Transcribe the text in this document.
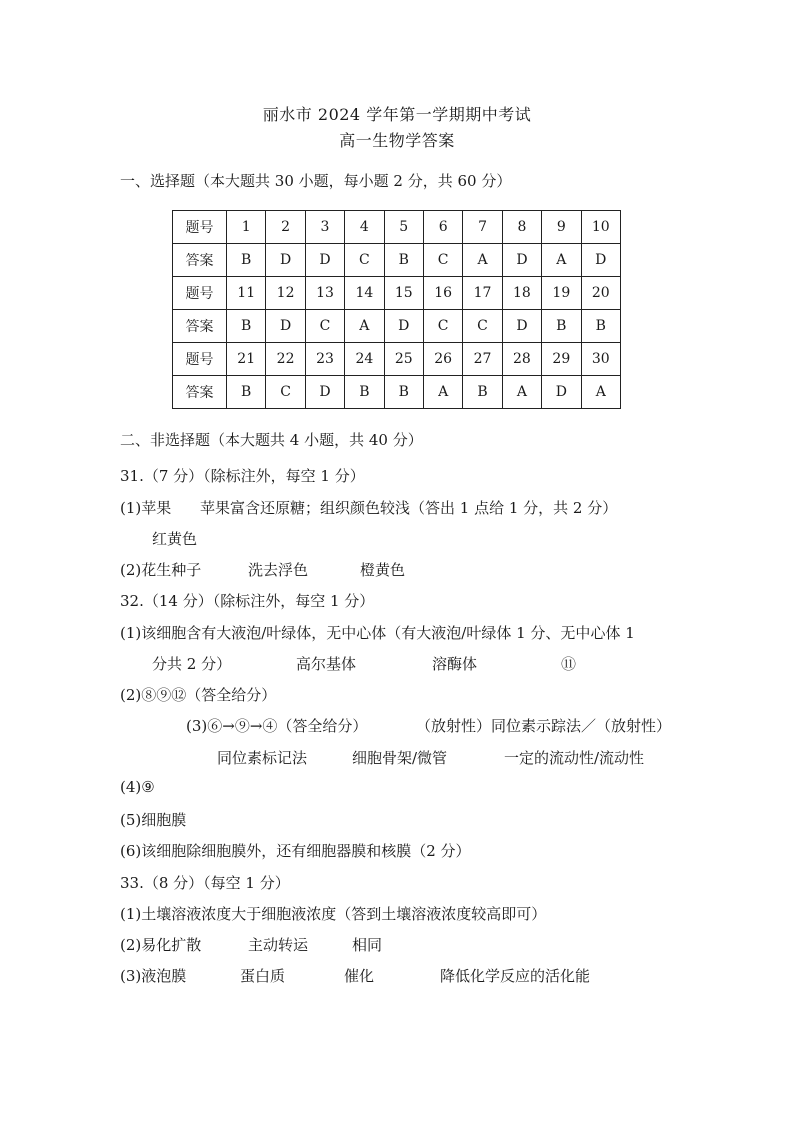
丽水市 2024 学年第一学期期中考试
高一生物学答案
一、选择题（本大题共 30 小题，每小题 2 分，共 60 分）
题号	1	2	3	4	5	6	7	8	9	10
答案	B	D	D	C	B	C	A	D	A	D
题号	11	12	13	14	15	16	17	18	19	20
答案	B	D	C	A	D	C	C	D	B	B
题号	21	22	23	24	25	26	27	28	29	30
答案	B	C	D	B	B	A	B	A	D	A
二、非选择题（本大题共 4 小题，共 40 分）
31.（7 分）（除标注外，每空 1 分）
(1)苹果 苹果富含还原糖；组织颜色较浅（答出 1 点给 1 分，共 2 分）
红黄色
(2)花生种子	洗去浮色	橙黄色
32.（14 分）（除标注外，每空 1 分）
(1)该细胞含有大液泡/叶绿体，无中心体（有大液泡/叶绿体 1 分、无中心体 1
分共 2 分）	高尔基体	溶酶体	⑪
(2)⑧⑨⑫（答全给分）
(3)⑥→⑨→④（答全给分）	（放射性）同位素示踪法／（放射性）
同位素标记法	细胞骨架/微管	一定的流动性/流动性
(4)⑨
(5)细胞膜
(6)该细胞除细胞膜外，还有细胞器膜和核膜（2 分）
33.（8 分）（每空 1 分）
(1)土壤溶液浓度大于细胞液浓度（答到土壤溶液浓度较高即可）
(2)易化扩散	主动转运	相同
(3)液泡膜	蛋白质	催化	降低化学反应的活化能
